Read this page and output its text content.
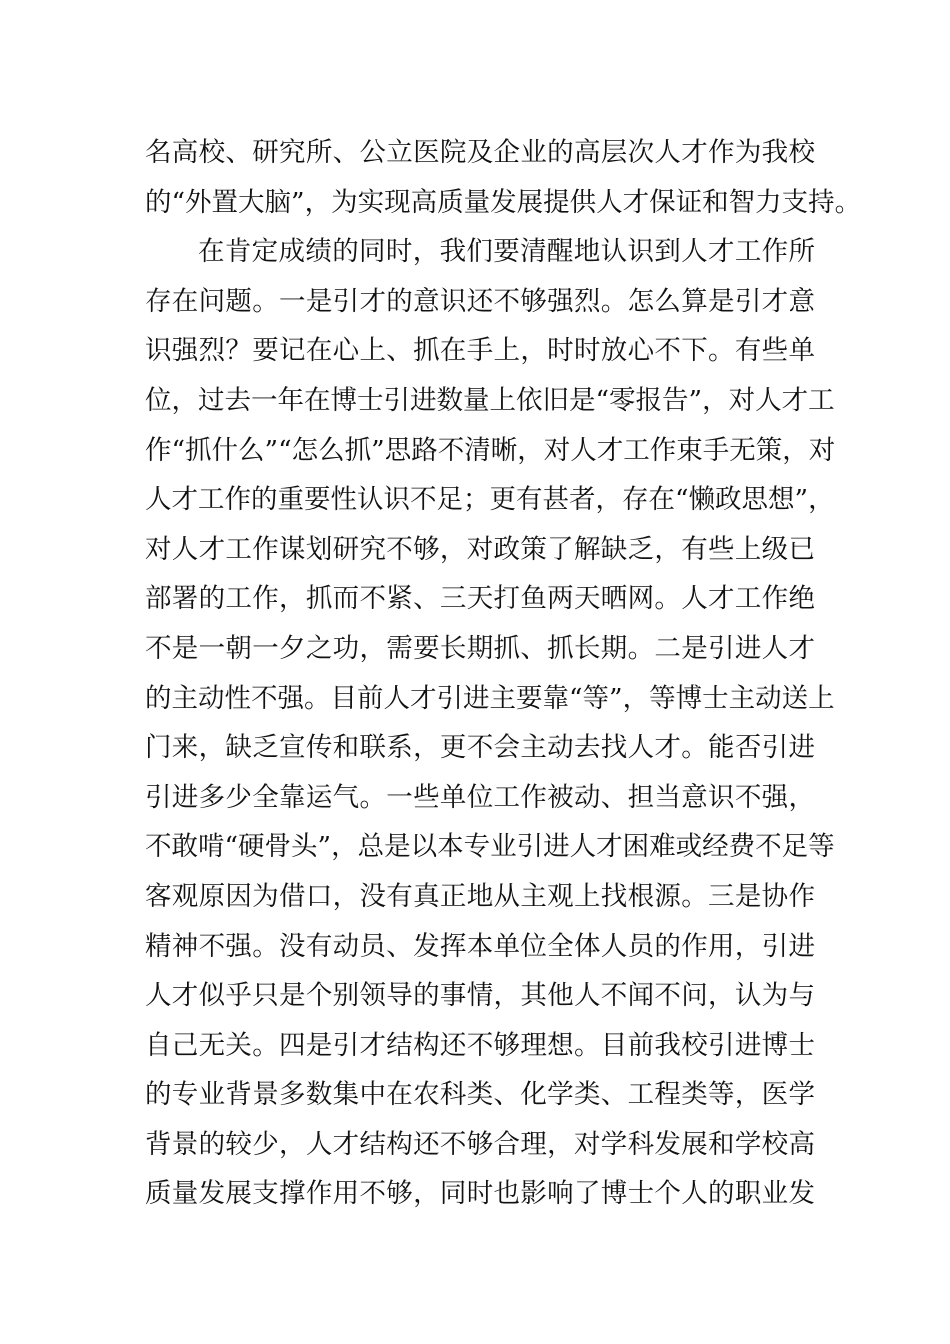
名高校、研究所、公立医院及企业的高层次人才作为我校
的“外置大脑”，为实现高质量发展提供人才保证和智力支持。
在肯定成绩的同时，我们要清醒地认识到人才工作所
存在问题。一是引才的意识还不够强烈。怎么算是引才意
识强烈？要记在心上、抓在手上，时时放心不下。有些单
位，过去一年在博士引进数量上依旧是“零报告”，对人才工
作“抓什么”“怎么抓”思路不清晰，对人才工作束手无策，对
人才工作的重要性认识不足；更有甚者，存在“懒政思想”，
对人才工作谋划研究不够，对政策了解缺乏，有些上级已
部署的工作，抓而不紧、三天打鱼两天晒网。人才工作绝
不是一朝一夕之功，需要长期抓、抓长期。二是引进人才
的主动性不强。目前人才引进主要靠“等”，等博士主动送上
门来，缺乏宣传和联系，更不会主动去找人才。能否引进
引进多少全靠运气。一些单位工作被动、担当意识不强，
不敢啃“硬骨头”，总是以本专业引进人才困难或经费不足等
客观原因为借口，没有真正地从主观上找根源。三是协作
精神不强。没有动员、发挥本单位全体人员的作用，引进
人才似乎只是个别领导的事情，其他人不闻不问，认为与
自己无关。四是引才结构还不够理想。目前我校引进博士
的专业背景多数集中在农科类、化学类、工程类等，医学
背景的较少，人才结构还不够合理，对学科发展和学校高
质量发展支撑作用不够，同时也影响了博士个人的职业发
